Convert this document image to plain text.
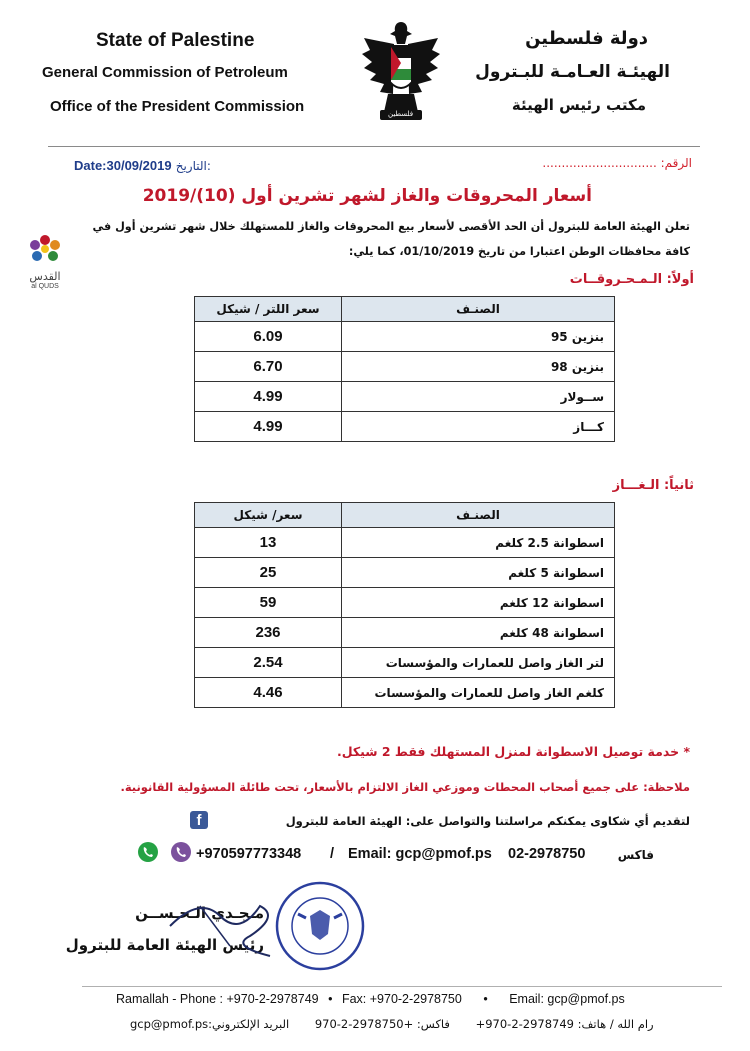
State of Palestine
General Commission of Petroleum
Office of the President Commission
دولة فلسطين
الهيئـة العـامـة للبـترول
مكتب رئيس الهيئة
فلسطين
الرقم: ..............................
Date:30/09/2019 التاريخ:
القدس
al QUDS
أسعار المحروقات والغاز لشهر تشرين أول (10)/2019
تعلن الهيئة العامة للبترول أن الحد الأقصى لأسعار بيع المحروقات والغاز للمستهلك خلال شهر تشرين أول في
كافة محافظات الوطن اعتبارا من تاريخ 01/10/2019، كما يلي:
أولاً: الـمـحـروقــات
الصنـف	سعر اللتر / شيكل
بنزين 95	6.09
بنزين 98	6.70
ســولار	4.99
كـــاز	4.99
ثانياً: الـغـــاز
الصنـف	سعر/ شيكل
اسطوانة 2.5 كلغم	13
اسطوانة 5 كلغم	25
اسطوانة 12 كلغم	59
اسطوانة 48 كلغم	236
لتر الغاز واصل للعمارات والمؤسسات	2.54
كلغم الغاز واصل للعمارات والمؤسسات	4.46
* خدمة توصيل الاسطوانة لمنزل المستهلك فقط 2 شيكل.
ملاحظة: على جميع أصحاب المحطات وموزعي الغاز الالتزام بالأسعار، تحت طائلة المسؤولية القانونية.
لتقديم أي شكاوى يمكنكم مراسلتنا والتواصل على: الهيئة العامة للبترول
f
+970597773348 / Email: gcp@pmof.ps 02-2978750	فاكس
مـجـدي الـحـســن
رئيس الهيئة العامة للبترول
Ramallah - Phone : +970-2-2978749 • Fax: +970-2-2978750 • Email: gcp@pmof.ps
gcp@pmof.psالبريد الإلكتروني: 970-2-2978750+ فاكس: +970-2-2978749 رام الله / هاتف:
